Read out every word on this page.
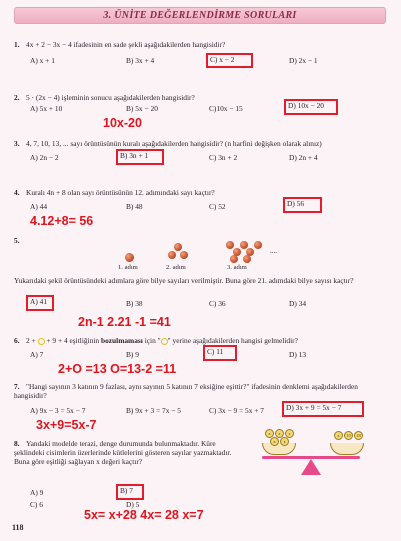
3. ÜNİTE DEĞERLENDİRME SORULARI
1. 4x + 2 − 3x − 4 ifadesinin en sade şekli aşağıdakilerden hangisidir?
A) x + 1	B) 3x + 4	C) x − 2	D) 2x − 1
2. 5 · (2x − 4) işleminin sonucu aşağıdakilerden hangisidir?
A) 5x + 10	B) 5x − 20	C)10x − 15	D) 10x − 20
10x-20
3. 4, 7, 10, 13, ... sayı örüntüsünün kuralı aşağıdakilerden hangisidir? (n harfini değişken olarak alınız)
A) 2n − 2	B) 3n + 1	C) 3n + 2	D) 2n + 4
4. Kuralı 4n + 8 olan sayı örüntüsünün 12. adımındaki sayı kaçtır?
A) 44	B) 48	C) 52	D) 56
4.12+8= 56
5.
1. adım	2. adım	3. adım
....
Yukarıdaki şekil örüntüsündeki adımlara göre bilye sayıları verilmiştir. Buna göre 21. adımdaki bilye sayısı kaçtır?
A) 41	B) 38	C) 36	D) 34
2n-1 2.21 -1 =41
6. 2 +  + 9 + 4 eşitliğinin bozulmaması için " " yerine aşağıdakilerden hangisi gelmelidir?
A) 7	B) 9	C) 11	D) 13
2+O =13 O=13-2 =11
7. "Hangi sayının 3 katının 9 fazlası, aynı sayının 5 katının 7 eksiğine eşittir?" ifadesinin denklemi aşağıdakilerden hangisidir?
A) 9x − 3 = 5x − 7	B) 9x + 3 = 7x − 5	C) 3x − 9 = 5x + 7	D) 3x + 9 = 5x − 7
3x+9=5x-7
8. Yandaki modelde terazi, denge durumunda bulunmaktadır. Küre şeklindeki cisimlerin üzerlerinde kütlelerini gösteren sayılar yazmaktadır. Buna göre eşitliği sağlayan x değeri kaçtır?
A) 9	B) 7
C) 6	D) 5
5x= x+28 4x= 28 x=7
x	x	x
x	x
x	10	18
118
